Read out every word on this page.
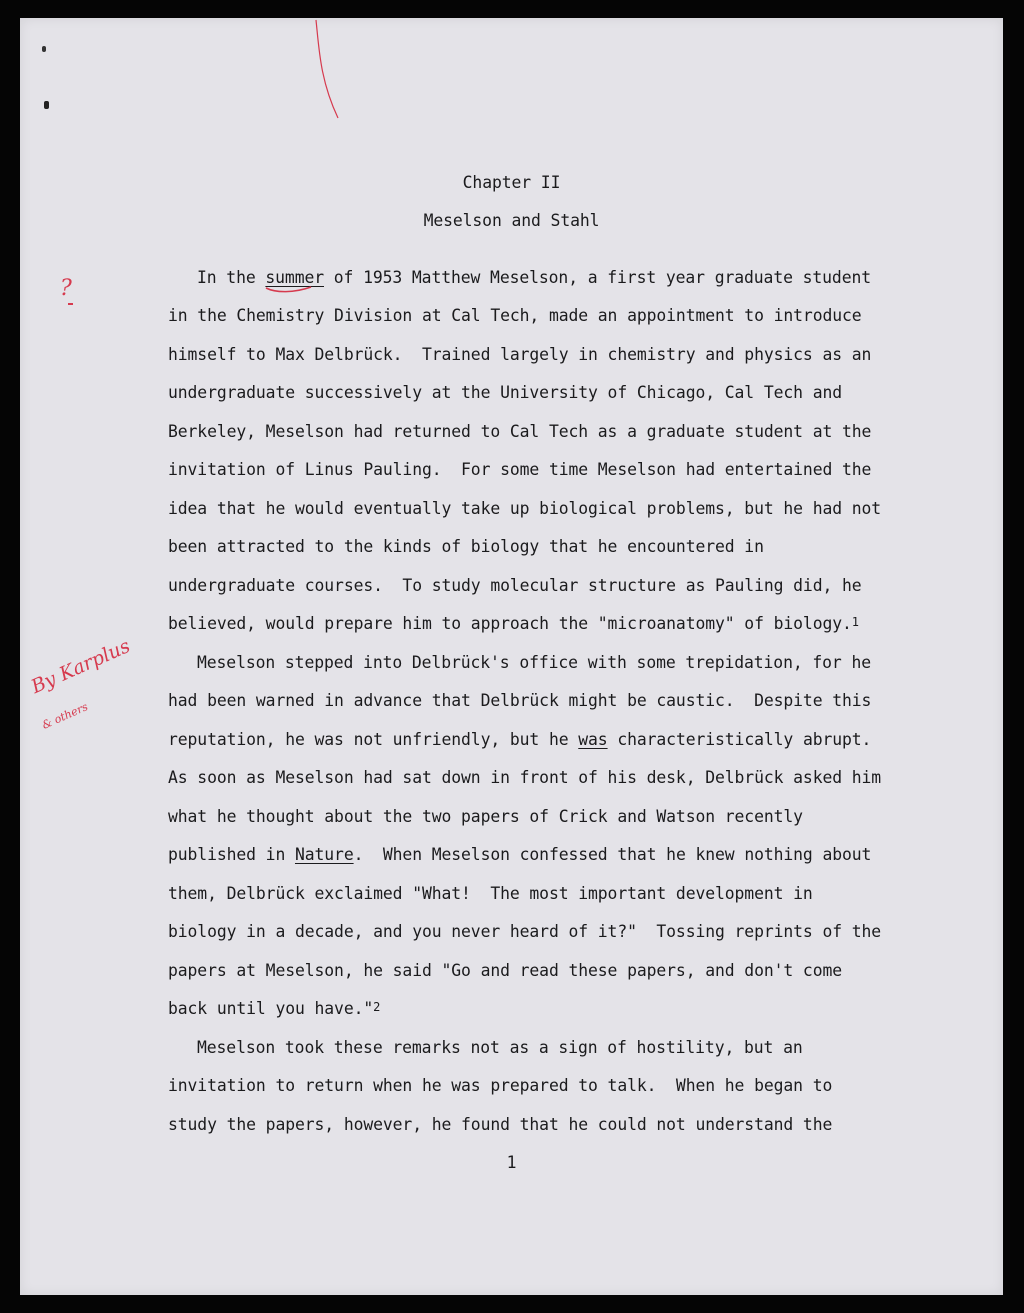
Chapter II
Meselson and Stahl
In the summer of 1953 Matthew Meselson, a first year graduate student
in the Chemistry Division at Cal Tech, made an appointment to introduce
himself to Max Delbrück.  Trained largely in chemistry and physics as an
undergraduate successively at the University of Chicago, Cal Tech and
Berkeley, Meselson had returned to Cal Tech as a graduate student at the
invitation of Linus Pauling.  For some time Meselson had entertained the
idea that he would eventually take up biological problems, but he had not
been attracted to the kinds of biology that he encountered in
undergraduate courses.  To study molecular structure as Pauling did, he
believed, would prepare him to approach the "microanatomy" of biology.$^1$
Meselson stepped into Delbrück's office with some trepidation, for he
had been warned in advance that Delbrück might be caustic.  Despite this
reputation, he was not unfriendly, but he was characteristically abrupt.
As soon as Meselson had sat down in front of his desk, Delbrück asked him
what he thought about the two papers of Crick and Watson recently
published in Nature.  When Meselson confessed that he knew nothing about
them, Delbrück exclaimed "What!  The most important development in
biology in a decade, and you never heard of it?"  Tossing reprints of the
papers at Meselson, he said "Go and read these papers, and don't come
back until you have."$^2$
Meselson took these remarks not as a sign of hostility, but an
invitation to return when he was prepared to talk.  When he began to
study the papers, however, he found that he could not understand the
1
?
By Karplus
& others
